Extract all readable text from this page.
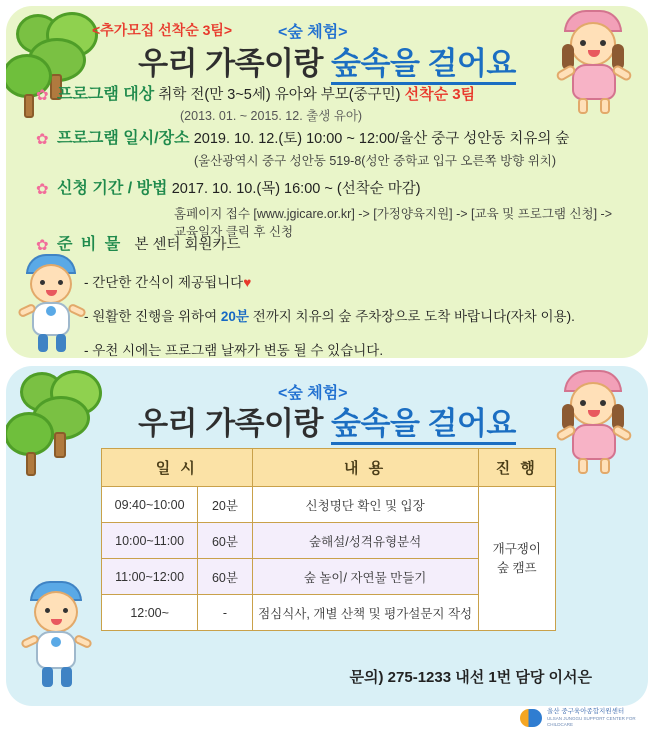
<추가모집 선착순 3팀>	<숲 체험>
우리 가족이랑 숲속을 걸어요
✿ 프로그램 대상 취학 전(만 3~5세) 유아와 부모(중구민) 선착순 3팀
(2013. 01. ~ 2015. 12. 출생 유아)
✿ 프로그램 일시/장소 2019. 10. 12.(토) 10:00 ~ 12:00/울산 중구 성안동 치유의 숲
(울산광역시 중구 성안동 519-8(성안 중학교 입구 오른쪽 방향 위치)
✿ 신청 기간 / 방법 2017. 10. 10.(목) 16:00 ~ (선착순 마감)
홈페이지 접수 [www.jgicare.or.kr] -> [가정양육지원] -> [교육 및 프로그램 신청] ->
교육일자 클릭 후 신청
✿ 준 비 물 본 센터 회원카드
- 간단한 간식이 제공됩니다♥
- 원활한 진행을 위하여 20분 전까지 치유의 숲 주차장으로 도착 바랍니다(자차 이용).
- 우천 시에는 프로그램 날짜가 변동 될 수 있습니다.
<숲 체험>
우리 가족이랑 숲속을 걸어요
일 시		내 용	진 행
09:40~10:00	20분	신청명단 확인 및 입장	개구쟁이
숲 캠프

10:00~11:00	60분	숲해설/성격유형분석	
11:00~12:00	60분	숲 놀이/ 자연물 만들기	
12:00~	-	점심식사, 개별 산책 및 평가설문지 작성	
문의) 275-1233 내선 1번 담당 이서은
울산 중구육아종합지원센터
ULSAN JUNGGU SUPPORT CENTER FOR CHILDCARE
